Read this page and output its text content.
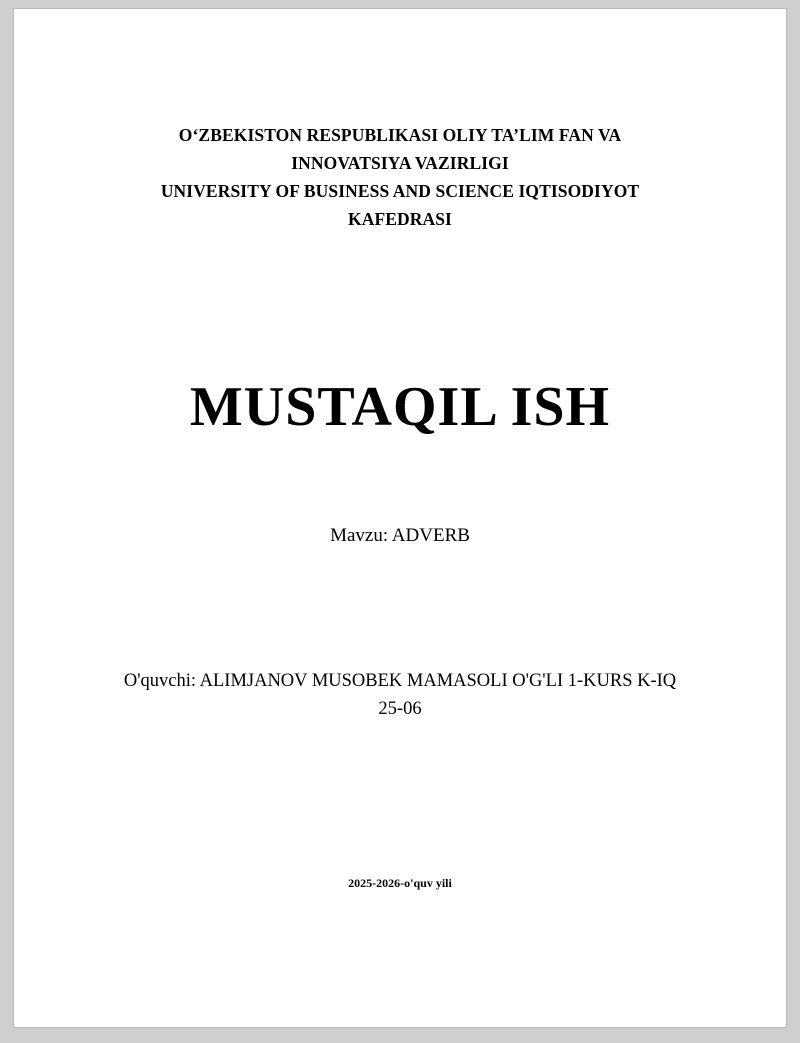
O‘ZBEKISTON RESPUBLIKASI OLIY TA’LIM FAN VA
INNOVATSIYA VAZIRLIGI
UNIVERSITY OF BUSINESS AND SCIENCE IQTISODIYOT
KAFEDRASI
MUSTAQIL ISH
Mavzu: ADVERB
O'quvchi: ALIMJANOV MUSOBEK MAMASOLI O'G'LI 1-KURS K-IQ
25-06
2025-2026-o'quv yili
